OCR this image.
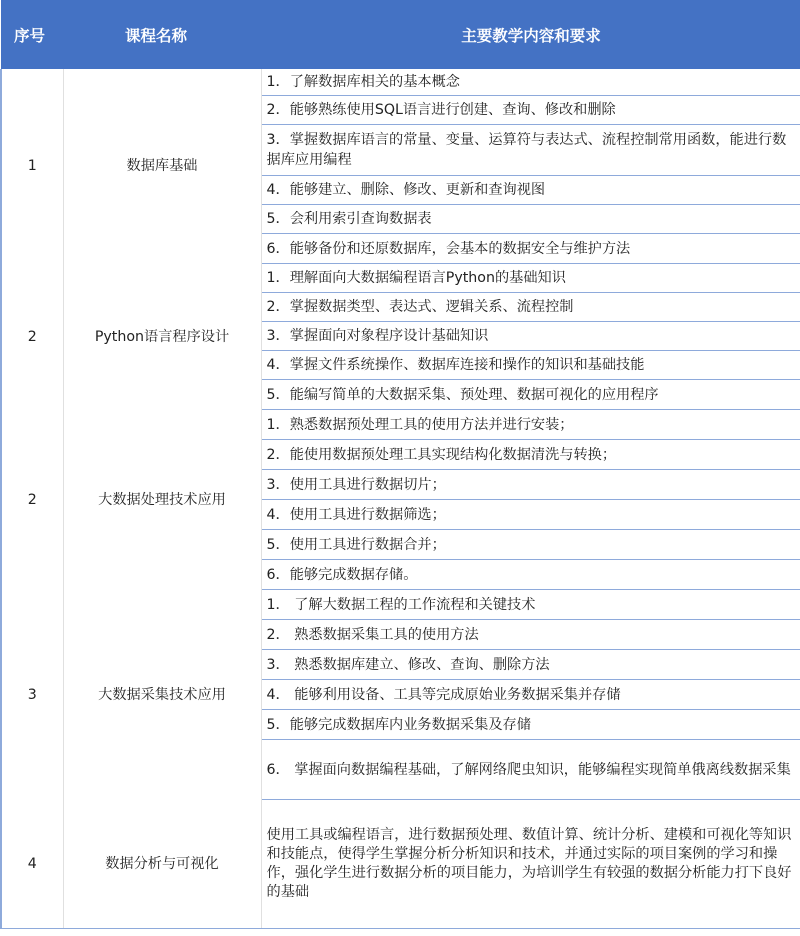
序号	课程名称	主要教学内容和要求
1	数据库基础	1．了解数据库相关的基本概念
		2．能够熟练使用SQL语言进行创建、查询、修改和删除
		3．掌握数据库语言的常量、变量、运算符与表达式、流程控制常用函数，能进行数据库应用编程
		4．能够建立、删除、修改、更新和查询视图
		5．会利用索引查询数据表
		6．能够备份和还原数据库，会基本的数据安全与维护方法
2	Python语言程序设计	1．理解面向大数据编程语言Python的基础知识
		2．掌握数据类型、表达式、逻辑关系、流程控制
		3．掌握面向对象程序设计基础知识
		4．掌握文件系统操作、数据库连接和操作的知识和基础技能
		5．能编写简单的大数据采集、预处理、数据可视化的应用程序
2	大数据处理技术应用	1．熟悉数据预处理工具的使用方法并进行安装；
		2．能使用数据预处理工具实现结构化数据清洗与转换；
		3．使用工具进行数据切片；
		4．使用工具进行数据筛选；
		5．使用工具进行数据合并；
		6．能够完成数据存储。
3	大数据采集技术应用	1． 了解大数据工程的工作流程和关键技术
		2． 熟悉数据采集工具的使用方法
		3． 熟悉数据库建立、修改、查询、删除方法
		4． 能够利用设备、工具等完成原始业务数据采集并存储
		5．能够完成数据库内业务数据采集及存储
		6． 掌握面向数据编程基础，了解网络爬虫知识，能够编程实现简单俄离线数据采集
4	数据分析与可视化	使用工具或编程语言，进行数据预处理、数值计算、统计分析、建模和可视化等知识和技能点，使得学生掌握分析分析知识和技术，并通过实际的项目案例的学习和操作，强化学生进行数据分析的项目能力，为培训学生有较强的数据分析能力打下良好的基础
